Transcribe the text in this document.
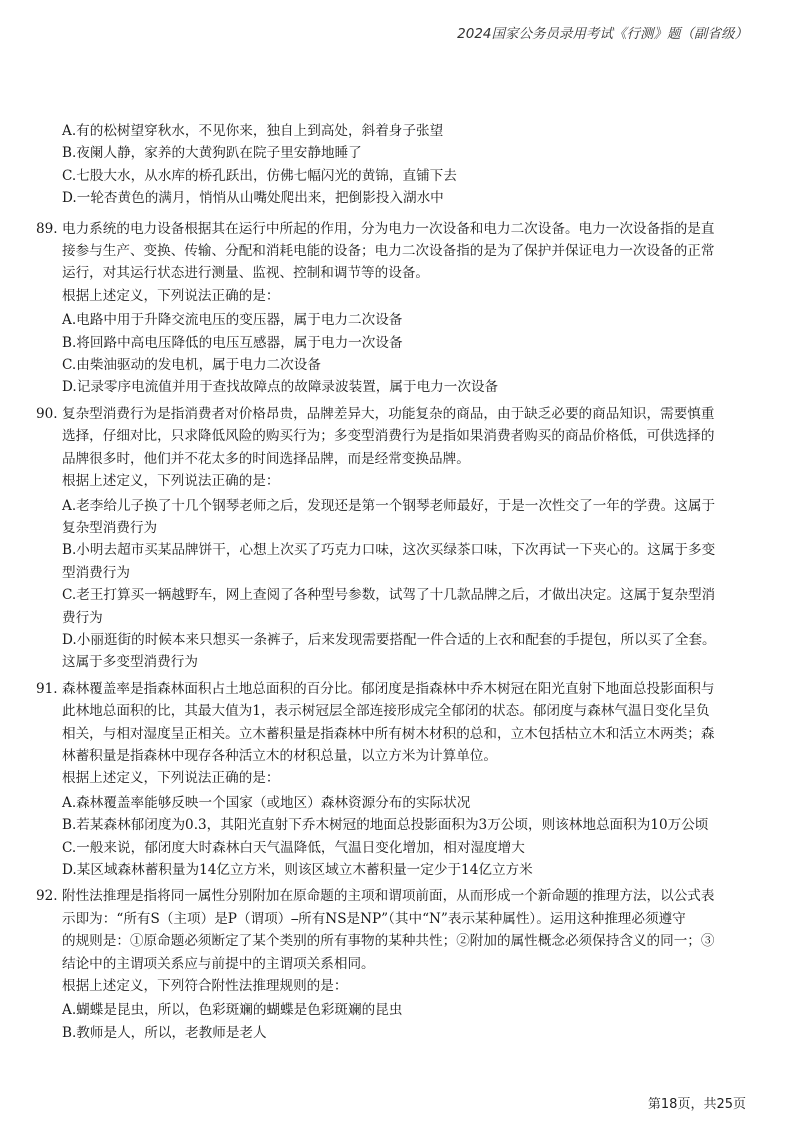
2024国家公务员录用考试《行测》题（副省级）
A.有的松树望穿秋水，不见你来，独自上到高处，斜着身子张望
B.夜阑人静，家养的大黄狗趴在院子里安静地睡了
C.七股大水，从水库的桥孔跃出，仿佛七幅闪光的黄锦，直铺下去
D.一轮杏黄色的满月，悄悄从山嘴处爬出来，把倒影投入湖水中
89. 电力系统的电力设备根据其在运行中所起的作用，分为电力一次设备和电力二次设备。电力一次设备指的是直
接参与生产、变换、传输、分配和消耗电能的设备；电力二次设备指的是为了保护并保证电力一次设备的正常
运行，对其运行状态进行测量、监视、控制和调节等的设备。
根据上述定义，下列说法正确的是：
A.电路中用于升降交流电压的变压器，属于电力二次设备
B.将回路中高电压降低的电压互感器，属于电力一次设备
C.由柴油驱动的发电机，属于电力二次设备
D.记录零序电流值并用于查找故障点的故障录波装置，属于电力一次设备
90. 复杂型消费行为是指消费者对价格昂贵，品牌差异大，功能复杂的商品，由于缺乏必要的商品知识，需要慎重
选择，仔细对比，只求降低风险的购买行为；多变型消费行为是指如果消费者购买的商品价格低，可供选择的
品牌很多时，他们并不花太多的时间选择品牌，而是经常变换品牌。
根据上述定义，下列说法正确的是：
A.老李给儿子换了十几个钢琴老师之后，发现还是第一个钢琴老师最好，于是一次性交了一年的学费。这属于
复杂型消费行为
B.小明去超市买某品牌饼干，心想上次买了巧克力口味，这次买绿茶口味，下次再试一下夹心的。这属于多变
型消费行为
C.老王打算买一辆越野车，网上查阅了各种型号参数，试驾了十几款品牌之后，才做出决定。这属于复杂型消
费行为
D.小丽逛街的时候本来只想买一条裤子，后来发现需要搭配一件合适的上衣和配套的手提包，所以买了全套。
这属于多变型消费行为
91. 森林覆盖率是指森林面积占土地总面积的百分比。郁闭度是指森林中乔木树冠在阳光直射下地面总投影面积与
此林地总面积的比，其最大值为1，表示树冠层全部连接形成完全郁闭的状态。郁闭度与森林气温日变化呈负
相关，与相对湿度呈正相关。立木蓄积量是指森林中所有树木材积的总和，立木包括枯立木和活立木两类；森
林蓄积量是指森林中现存各种活立木的材积总量，以立方米为计算单位。
根据上述定义，下列说法正确的是：
A.森林覆盖率能够反映一个国家（或地区）森林资源分布的实际状况
B.若某森林郁闭度为0.3，其阳光直射下乔木树冠的地面总投影面积为3万公顷，则该林地总面积为10万公顷
C.一般来说，郁闭度大时森林白天气温降低，气温日变化增加，相对湿度增大
D.某区域森林蓄积量为14亿立方米，则该区域立木蓄积量一定少于14亿立方米
92. 附性法推理是指将同一属性分别附加在原命题的主项和谓项前面，从而形成一个新命题的推理方法，以公式表
示即为：“所有S（主项）是P（谓项）⎯所有NS是NP”（其中“N”表示某种属性）。运用这种推理必须遵守
的规则是：①原命题必须断定了某个类别的所有事物的某种共性；②附加的属性概念必须保持含义的同一；③
结论中的主谓项关系应与前提中的主谓项关系相同。
根据上述定义，下列符合附性法推理规则的是：
A.蝴蝶是昆虫，所以，色彩斑斓的蝴蝶是色彩斑斓的昆虫
B.教师是人，所以，老教师是老人
第18页，共25页
